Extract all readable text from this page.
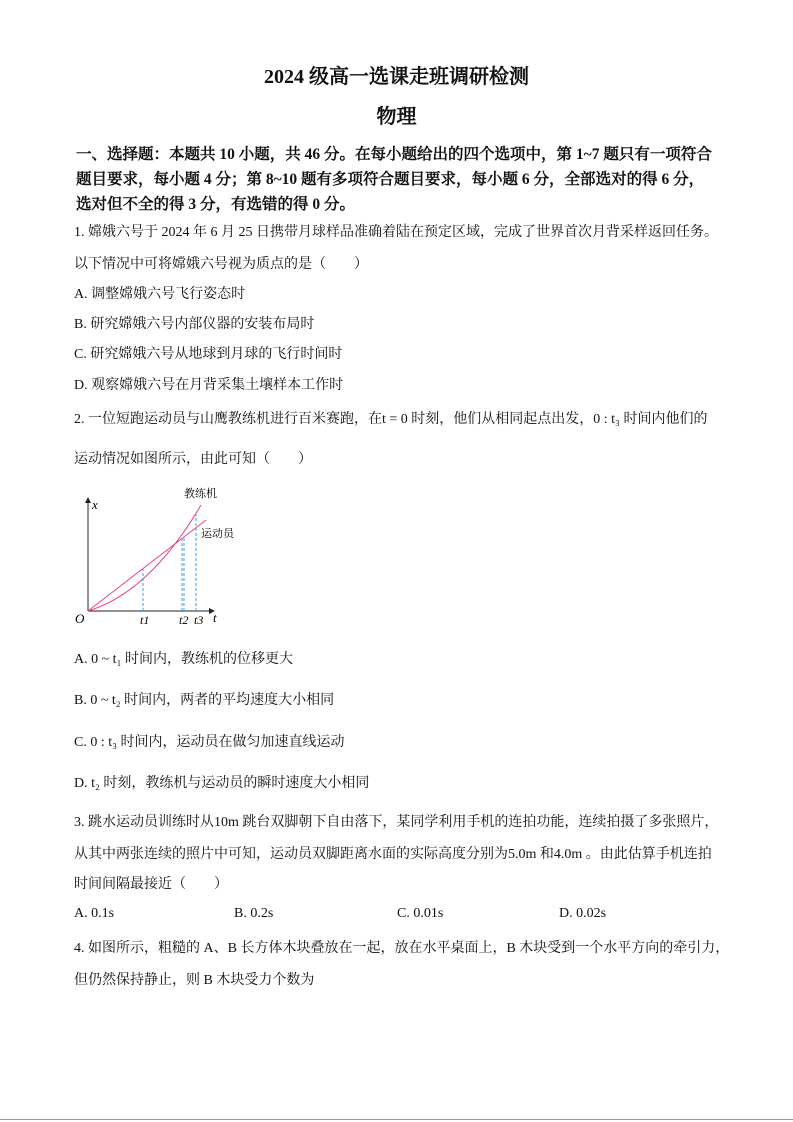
2024 级高一选课走班调研检测
物理
一、选择题：本题共 10 小题，共 46 分。在每小题给出的四个选项中，第 1~7 题只有一项符合
题目要求，每小题 4 分；第 8~10 题有多项符合题目要求，每小题 6 分，全部选对的得 6 分，
选对但不全的得 3 分，有选错的得 0 分。
1. 嫦娥六号于 2024 年 6 月 25 日携带月球样品准确着陆在预定区域，完成了世界首次月背采样返回任务。
以下情况中可将嫦娥六号视为质点的是（　　）
A. 调整嫦娥六号飞行姿态时
B. 研究嫦娥六号内部仪器的安装布局时
C. 研究嫦娥六号从地球到月球的飞行时间时
D. 观察嫦娥六号在月背采集土壤样本工作时
2. 一位短跑运动员与山鹰教练机进行百米赛跑，在t = 0 时刻，他们从相同起点出发，0 : t₃ 时间内他们的
运动情况如图所示，由此可知（　　）
x
t
O	t1 t2 t3
教练机
运动员
A. 0 ~ t₁ 时间内，教练机的位移更大
B. 0 ~ t₂ 时间内，两者的平均速度大小相同
C. 0 : t₃ 时间内，运动员在做匀加速直线运动
D. t₂ 时刻，教练机与运动员的瞬时速度大小相同
3. 跳水运动员训练时从10m 跳台双脚朝下自由落下，某同学利用手机的连拍功能，连续拍摄了多张照片，
从其中两张连续的照片中可知，运动员双脚距离水面的实际高度分别为5.0m 和4.0m 。由此估算手机连拍
时间间隔最接近（　　）
A. 0.1s	B. 0.2s	C. 0.01s	D. 0.02s
4. 如图所示，粗糙的 A、B 长方体木块叠放在一起，放在水平桌面上，B 木块受到一个水平方向的牵引力，
但仍然保持静止，则 B 木块受力个数为
